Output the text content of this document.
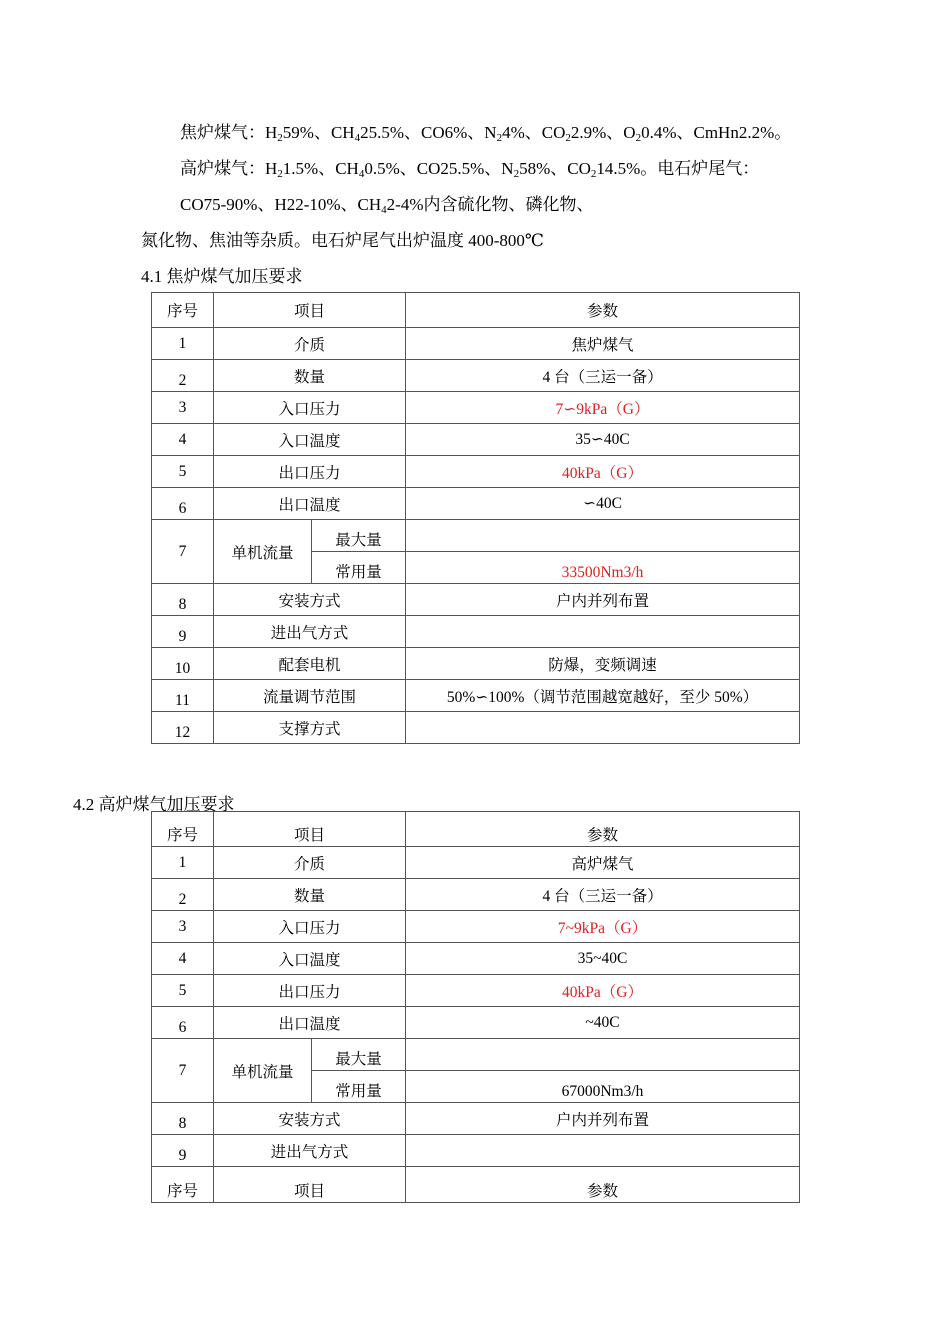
焦炉煤气：$H_259\%$、$CH_425.5\%$、CO6%、$N_24\%$、$CO_22.9\%$、$O_20.4\%$、CmHn2.2%。
高炉煤气：$H_21.5\%$、$CH_40.5\%$、CO25.5%、$N_258\%$、$CO_214.5\%$。电石炉尾气：
CO75-90%、H22-10%、$CH_42-4\%$内含硫化物、磷化物、
氮化物、焦油等杂质。电石炉尾气出炉温度 400-800℃
4.1 焦炉煤气加压要求
序号	项目		参数
1	介质		焦炉煤气
2	数量		4 台（三运一备）
3	入口压力		7∽9kPa（G）
4	入口温度		35∽40C
5	出口压力		40kPa（G）
6	出口温度		∽40C
7	单机流量	最大量	
		常用量	33500Nm3/h
8	安装方式		户内并列布置
9	进出气方式		
10	配套电机		防爆，变频调速
11	流量调节范围		50%∽100%（调节范围越宽越好，至少 50%）
12	支撑方式		
4.2 高炉煤气加压要求
序号	项目		参数
1	介质		高炉煤气
2	数量		4 台（三运一备）
3	入口压力		7~9kPa（G）
4	入口温度		35~40C
5	出口压力		40kPa（G）
6	出口温度		~40C
7	单机流量	最大量	
		常用量	67000Nm3/h
8	安装方式		户内并列布置
9	进出气方式		
序号	项目		参数
